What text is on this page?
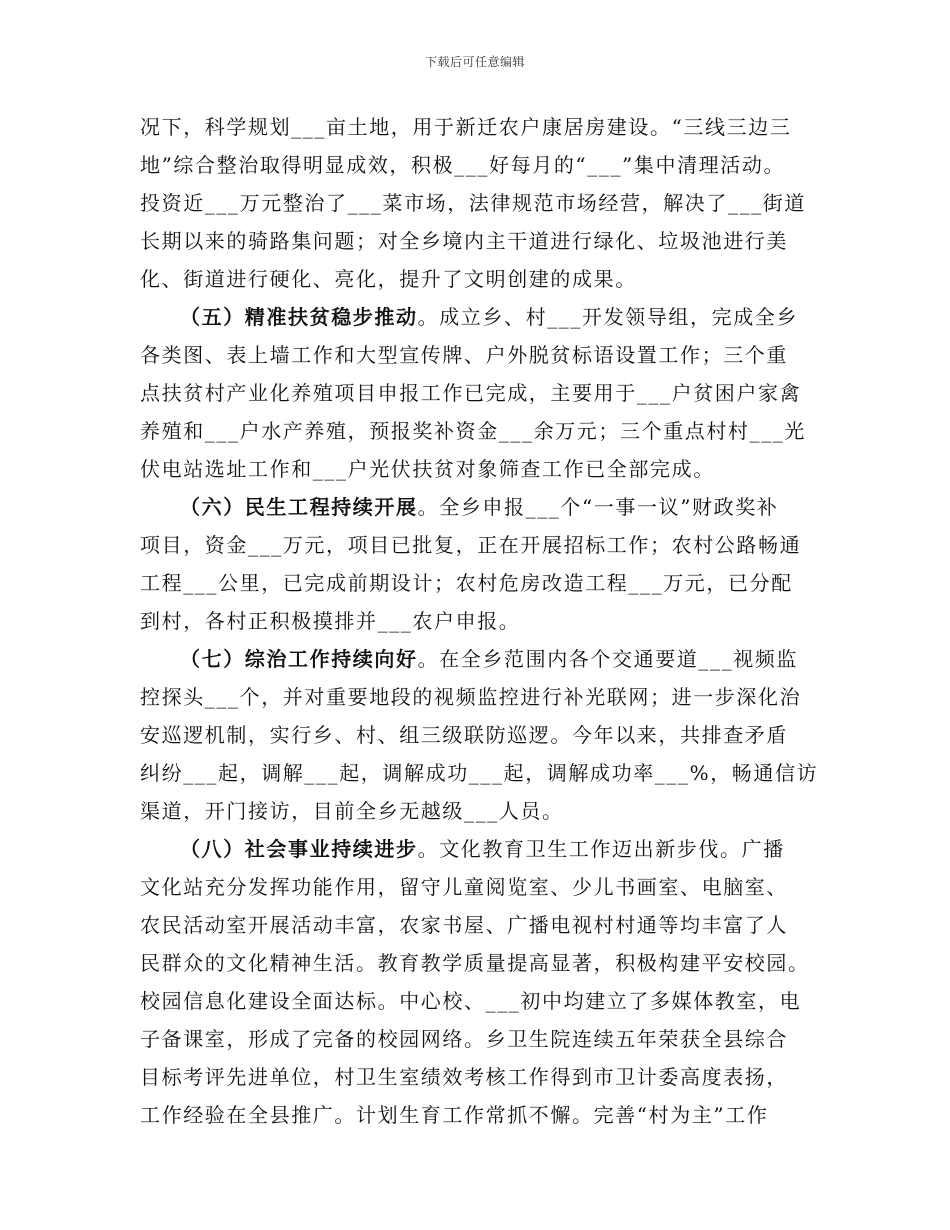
下载后可任意编辑
况下，科学规划___亩土地，用于新迁农户康居房建设。“三线三边三
地”综合整治取得明显成效，积极___好每月的“___”集中清理活动。
投资近___万元整治了___菜市场，法律规范市场经营，解决了___街道
长期以来的骑路集问题；对全乡境内主干道进行绿化、垃圾池进行美
化、街道进行硬化、亮化，提升了文明创建的成果。
（五）精准扶贫稳步推动。成立乡、村___开发领导组，完成全乡
各类图、表上墙工作和大型宣传牌、户外脱贫标语设置工作；三个重
点扶贫村产业化养殖项目申报工作已完成，主要用于___户贫困户家禽
养殖和___户水产养殖，预报奖补资金___余万元；三个重点村村___光
伏电站选址工作和___户光伏扶贫对象筛查工作已全部完成。
（六）民生工程持续开展。全乡申报___个“一事一议”财政奖补
项目，资金___万元，项目已批复，正在开展招标工作；农村公路畅通
工程___公里，已完成前期设计；农村危房改造工程___万元，已分配
到村，各村正积极摸排并___农户申报。
（七）综治工作持续向好。在全乡范围内各个交通要道___视频监
控探头___个，并对重要地段的视频监控进行补光联网；进一步深化治
安巡逻机制，实行乡、村、组三级联防巡逻。今年以来，共排查矛盾
纠纷___起，调解___起，调解成功___起，调解成功率___%，畅通信访
渠道，开门接访，目前全乡无越级___人员。
（八）社会事业持续进步。文化教育卫生工作迈出新步伐。广播
文化站充分发挥功能作用，留守儿童阅览室、少儿书画室、电脑室、
农民活动室开展活动丰富，农家书屋、广播电视村村通等均丰富了人
民群众的文化精神生活。教育教学质量提高显著，积极构建平安校园。
校园信息化建设全面达标。中心校、___初中均建立了多媒体教室，电
子备课室，形成了完备的校园网络。乡卫生院连续五年荣获全县综合
目标考评先进单位，村卫生室绩效考核工作得到市卫计委高度表扬，
工作经验在全县推广。计划生育工作常抓不懈。完善“村为主”工作
